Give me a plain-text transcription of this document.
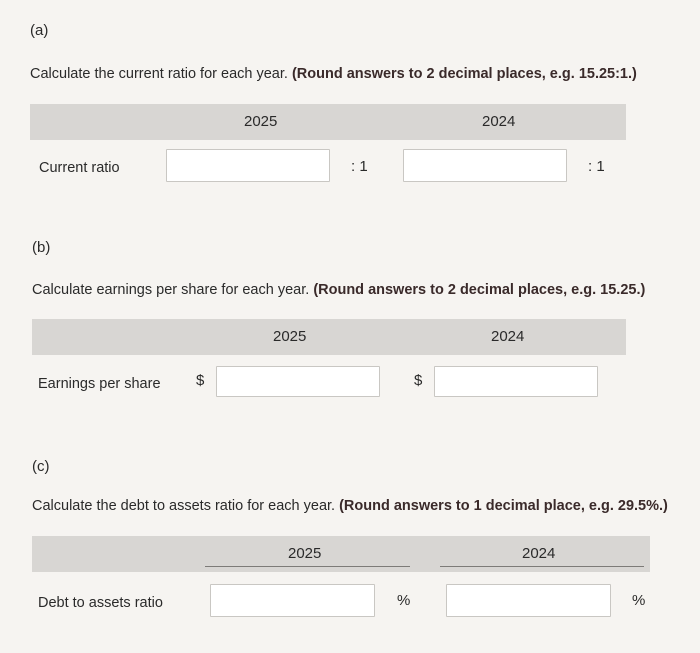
(a)
Calculate the current ratio for each year. (Round answers to 2 decimal places, e.g. 15.25:1.)
2025	2024
Current ratio	: 1	: 1
(b)
Calculate earnings per share for each year. (Round answers to 2 decimal places, e.g. 15.25.)
2025	2024
Earnings per share $	$
(c)
Calculate the debt to assets ratio for each year. (Round answers to 1 decimal place, e.g. 29.5%.)
2025	2024
Debt to assets ratio	%	%
